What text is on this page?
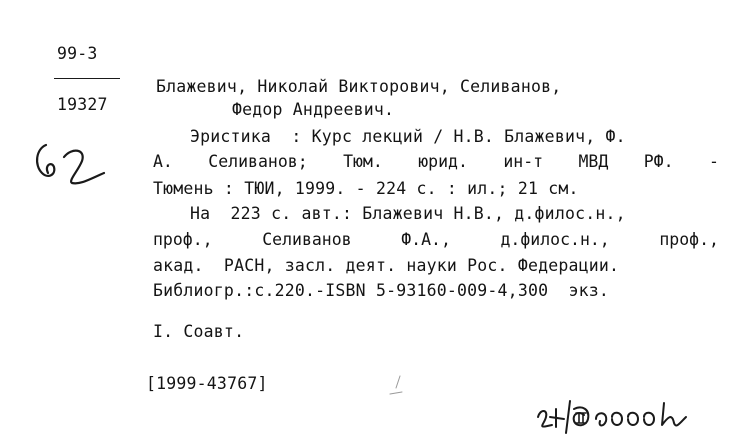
99-3
19327
Блажевич, Николай Викторович, Селиванов,
Федор Андреевич.
Эристика  : Курс лекций / Н.В. Блажевич, Ф.
А. Селиванов; Тюм. юрид. ин-т МВД РФ. -
Тюмень : ТЮИ, 1999. - 224 с. : ил.; 21 см.
На  223 с. авт.: Блажевич Н.В., д.филос.н.,
проф.,	Селиванов	Ф.А.,	д.филос.н.,	проф.,
акад.  РАСН, засл. деят. науки Рос. Федерации.
Библиогр.:с.220.-ISBN 5-93160-009-4,300  экз.
I. Соавт.
[1999-43767]
